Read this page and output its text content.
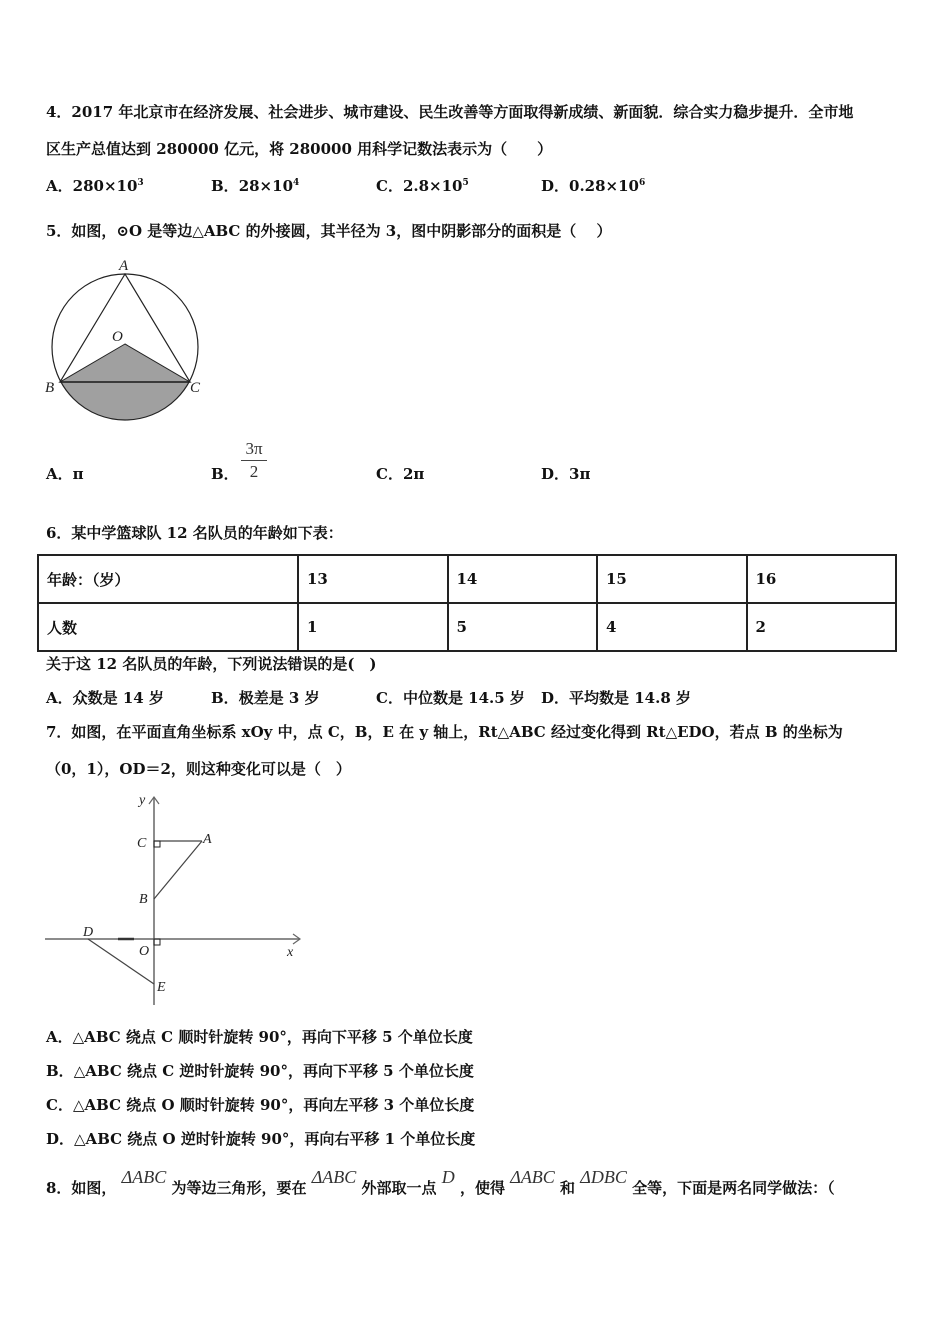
4．2017 年北京市在经济发展、社会进步、城市建设、民生改善等方面取得新成绩、新面貌．综合实力稳步提升．全市地
区生产总值达到 280000 亿元，将 280000 用科学记数法表示为（　　）
A．$280\times 10^3$	B．$28\times 10^4$	C．$2.8\times 10^5$	D．$0.28\times 10^6$
5．如图，⊙O 是等边△ABC 的外接圆，其半径为 3，图中阴影部分的面积是（　 ）
A
O
B	C
A．π	B． $\frac{3\pi}{2}$	C．2π	D．3π
6．某中学篮球队 12 名队员的年龄如下表：
年龄：（岁）	13	14	15	16
人数	1	5	4	2
关于这 12 名队员的年龄，下列说法错误的是(　)
A．众数是 14 岁	B．极差是 3 岁	C．中位数是 14.5 岁 D．平均数是 14.8 岁
7．如图，在平面直角坐标系 xOy 中，点 C，B，E 在 y 轴上，Rt△ABC 经过变化得到 Rt△EDO，若点 B 的坐标为
（0，1），OD＝2，则这种变化可以是（　）
y
x
C	A
B
D
O
E
A．△ABC 绕点 C 顺时针旋转 90°，再向下平移 5 个单位长度
B．△ABC 绕点 C 逆时针旋转 90°，再向下平移 5 个单位长度
C．△ABC 绕点 O 顺时针旋转 90°，再向左平移 3 个单位长度
D．△ABC 绕点 O 逆时针旋转 90°，再向右平移 1 个单位长度
8．如图， ΔABC 为等边三角形，要在 ΔABC 外部取一点 D ，使得 ΔABC 和 ΔDBC 全等，下面是两名同学做法：（
